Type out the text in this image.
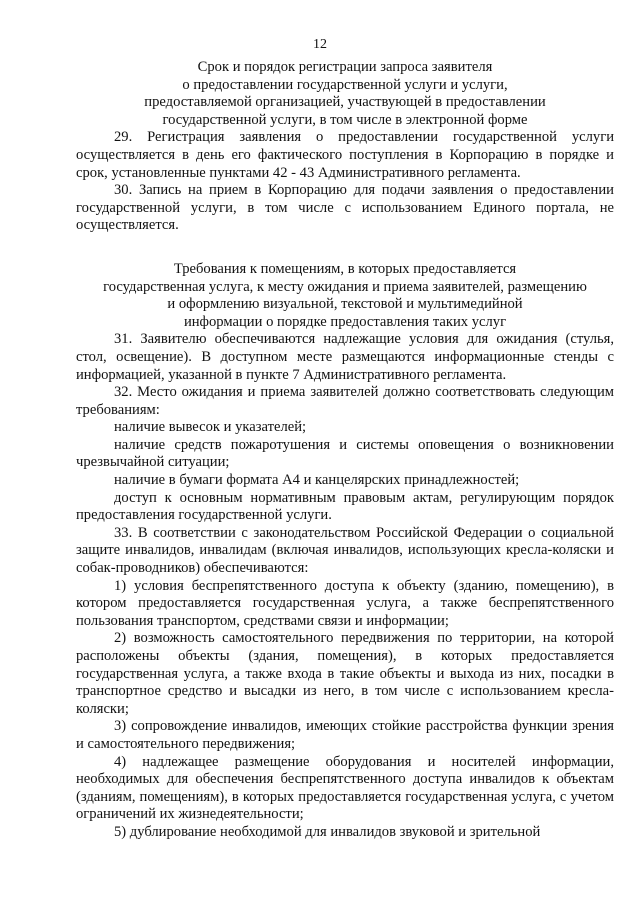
12
Срок и порядок регистрации запроса заявителя
о предоставлении государственной услуги и услуги,
предоставляемой организацией, участвующей в предоставлении
государственной услуги, в том числе в электронной форме
29. Регистрация заявления о предоставлении государственной услуги осуществляется в день его фактического поступления в Корпорацию в порядке и срок, установленные пунктами 42 - 43 Административного регламента.
30. Запись на прием в Корпорацию для подачи заявления о предоставлении государственной услуги, в том числе с использованием Единого портала, не осуществляется.
Требования к помещениям, в которых предоставляется
государственная услуга, к месту ожидания и приема заявителей, размещению
и оформлению визуальной, текстовой и мультимедийной
информации о порядке предоставления таких услуг
31. Заявителю обеспечиваются надлежащие условия для ожидания (стулья, стол, освещение). В доступном месте размещаются информационные стенды с информацией, указанной в пункте 7 Административного регламента.
32. Место ожидания и приема заявителей должно соответствовать следующим требованиям:
наличие вывесок и указателей;
наличие средств пожаротушения и системы оповещения о возникновении чрезвычайной ситуации;
наличие в бумаги формата А4 и канцелярских принадлежностей;
доступ к основным нормативным правовым актам, регулирующим порядок предоставления государственной услуги.
33. В соответствии с законодательством Российской Федерации о социальной защите инвалидов, инвалидам (включая инвалидов, использующих кресла-коляски и собак-проводников) обеспечиваются:
1) условия беспрепятственного доступа к объекту (зданию, помещению), в котором предоставляется государственная услуга, а также беспрепятственного пользования транспортом, средствами связи и информации;
2) возможность самостоятельного передвижения по территории, на которой расположены объекты (здания, помещения), в которых предоставляется государственная услуга, а также входа в такие объекты и выхода из них, посадки в транспортное средство и высадки из него, в том числе с использованием кресла-коляски;
3) сопровождение инвалидов, имеющих стойкие расстройства функции зрения и самостоятельного передвижения;
4) надлежащее размещение оборудования и носителей информации, необходимых для обеспечения беспрепятственного доступа инвалидов к объектам (зданиям, помещениям), в которых предоставляется государственная услуга, с учетом ограничений их жизнедеятельности;
5) дублирование необходимой для инвалидов звуковой и зрительной
